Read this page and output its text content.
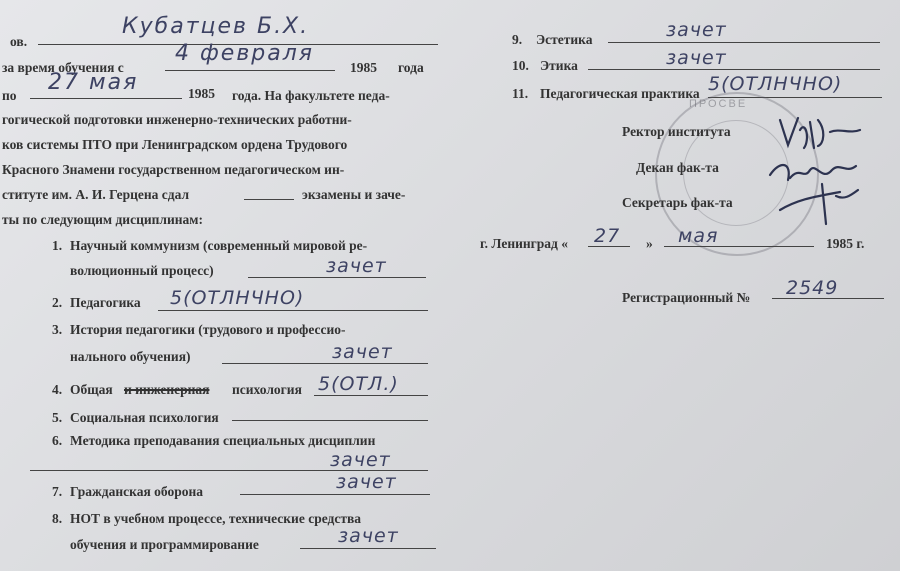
ов.
Кубатцев Б.Х.
за время обучения с
4 февраля
1985 года
по
27 мая	1985 года. На факультете педа-
гогической подготовки инженерно-технических работни-
ков системы ПТО при Ленинградском ордена Трудового
Красного Знамени государственном педагогическом ин-
ституте им. А. И. Герцена сдал	экзамены и заче-
ты по следующим дисциплинам:
1. Научный коммунизм (современный мировой ре-
волюционный процесс)	зачет
2. Педагогика 5(ОТЛНЧНО)
3. История педагогики (трудового и профессио-
нального обучения)	зачет
4. Общая и инженерная психология 5(ОТЛ.)
5. Социальная психология
6. Методика преподавания специальных дисциплин
зачет
7. Гражданская оборона	зачет
8. НОТ в учебном процессе, технические средства
обучения и программирование	зачет
9. Эстетика	зачет
10. Этика	зачет
11. Педагогическая практика 5(ОТЛНЧНО)
ПРОСВЕ
Ректор института
Декан фак-та
Секретарь фак-та
г. Ленинград « 27 » мая	1985 г.
Регистрационный № 2549
